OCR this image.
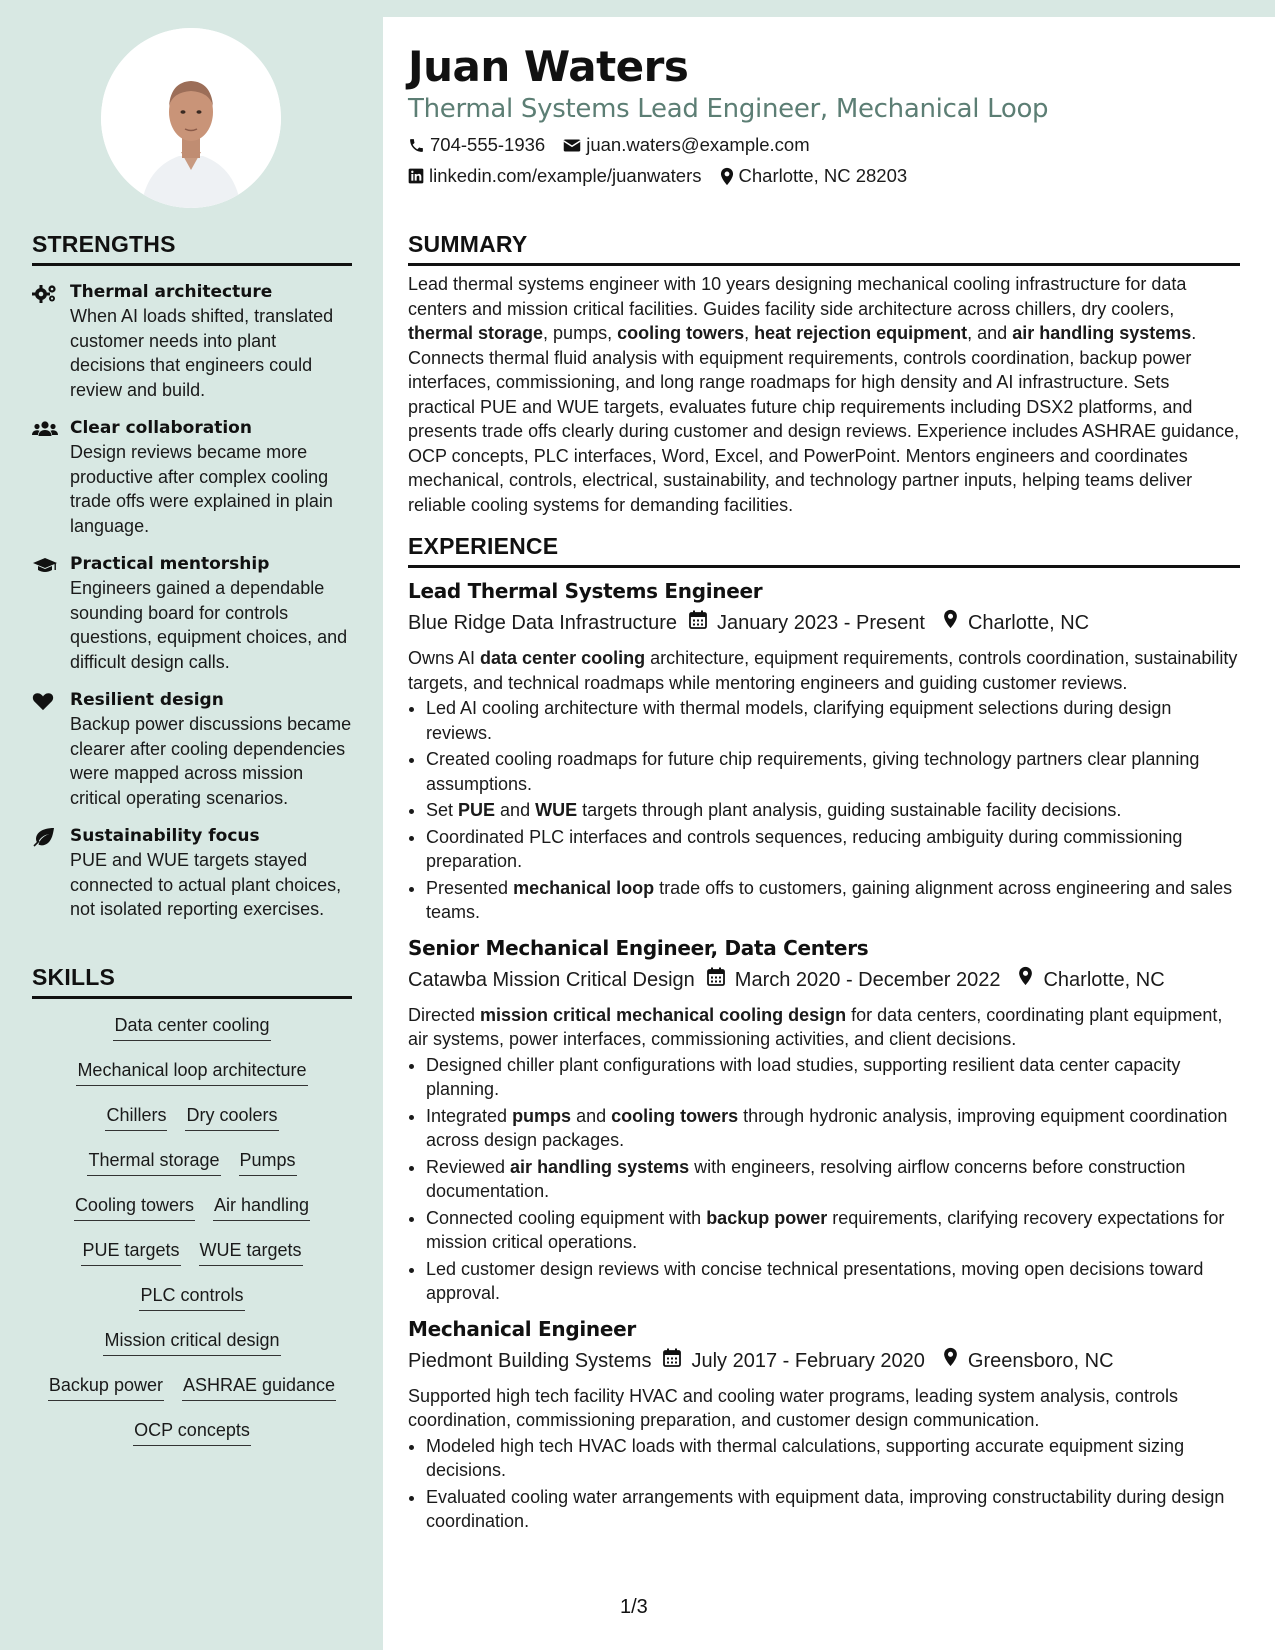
STRENGTHS
Thermal architecture
When AI loads shifted, translated customer needs into plant decisions that engineers could review and build.
Clear collaboration
Design reviews became more productive after complex cooling trade offs were explained in plain language.
Practical mentorship
Engineers gained a dependable sounding board for controls questions, equipment choices, and difficult design calls.
Resilient design
Backup power discussions became clearer after cooling dependencies were mapped across mission critical operating scenarios.
Sustainability focus
PUE and WUE targets stayed connected to actual plant choices, not isolated reporting exercises.
SKILLS
Data center cooling
Mechanical loop architecture
Chillers Dry coolers
Thermal storage Pumps
Cooling towers Air handling
PUE targets WUE targets
PLC controls
Mission critical design
Backup power ASHRAE guidance
OCP concepts
Juan Waters
Thermal Systems Lead Engineer, Mechanical Loop
704-555-1936 juan.waters@example.com
linkedin.com/example/juanwaters Charlotte, NC 28203
SUMMARY

Lead thermal systems engineer with 10 years designing mechanical cooling infrastructure for data centers and mission critical facilities. Guides facility side architecture across chillers, dry coolers, thermal storage, pumps, cooling towers, heat rejection equipment, and air handling systems. Connects thermal fluid analysis with equipment requirements, controls coordination, backup power interfaces, commissioning, and long range roadmaps for high density and AI infrastructure. Sets practical PUE and WUE targets, evaluates future chip requirements including DSX2 platforms, and presents trade offs clearly during customer and design reviews. Experience includes ASHRAE guidance, OCP concepts, PLC interfaces, Word, Excel, and PowerPoint. Mentors engineers and coordinates mechanical, controls, electrical, sustainability, and technology partner inputs, helping teams deliver reliable cooling systems for demanding facilities.

EXPERIENCE
Lead Thermal Systems Engineer
Blue Ridge Data Infrastructure January 2023 - Present Charlotte, NC
Owns AI data center cooling architecture, equipment requirements, controls coordination, sustainability targets, and technical roadmaps while mentoring engineers and guiding customer reviews.
• Led AI cooling architecture with thermal models, clarifying equipment selections during design reviews.
• Created cooling roadmaps for future chip requirements, giving technology partners clear planning assumptions.
• Set PUE and WUE targets through plant analysis, guiding sustainable facility decisions.
• Coordinated PLC interfaces and controls sequences, reducing ambiguity during commissioning preparation.
• Presented mechanical loop trade offs to customers, gaining alignment across engineering and sales teams.
Senior Mechanical Engineer, Data Centers
Catawba Mission Critical Design March 2020 - December 2022 Charlotte, NC
Directed mission critical mechanical cooling design for data centers, coordinating plant equipment, air systems, power interfaces, commissioning activities, and client decisions.
• Designed chiller plant configurations with load studies, supporting resilient data center capacity planning.
• Integrated pumps and cooling towers through hydronic analysis, improving equipment coordination across design packages.
• Reviewed air handling systems with engineers, resolving airflow concerns before construction documentation.
• Connected cooling equipment with backup power requirements, clarifying recovery expectations for mission critical operations.
• Led customer design reviews with concise technical presentations, moving open decisions toward approval.
Mechanical Engineer
Piedmont Building Systems July 2017 - February 2020 Greensboro, NC
Supported high tech facility HVAC and cooling water programs, leading system analysis, controls coordination, commissioning preparation, and customer design communication.
• Modeled high tech HVAC loads with thermal calculations, supporting accurate equipment sizing decisions.
• Evaluated cooling water arrangements with equipment data, improving constructability during design coordination.
1/3
